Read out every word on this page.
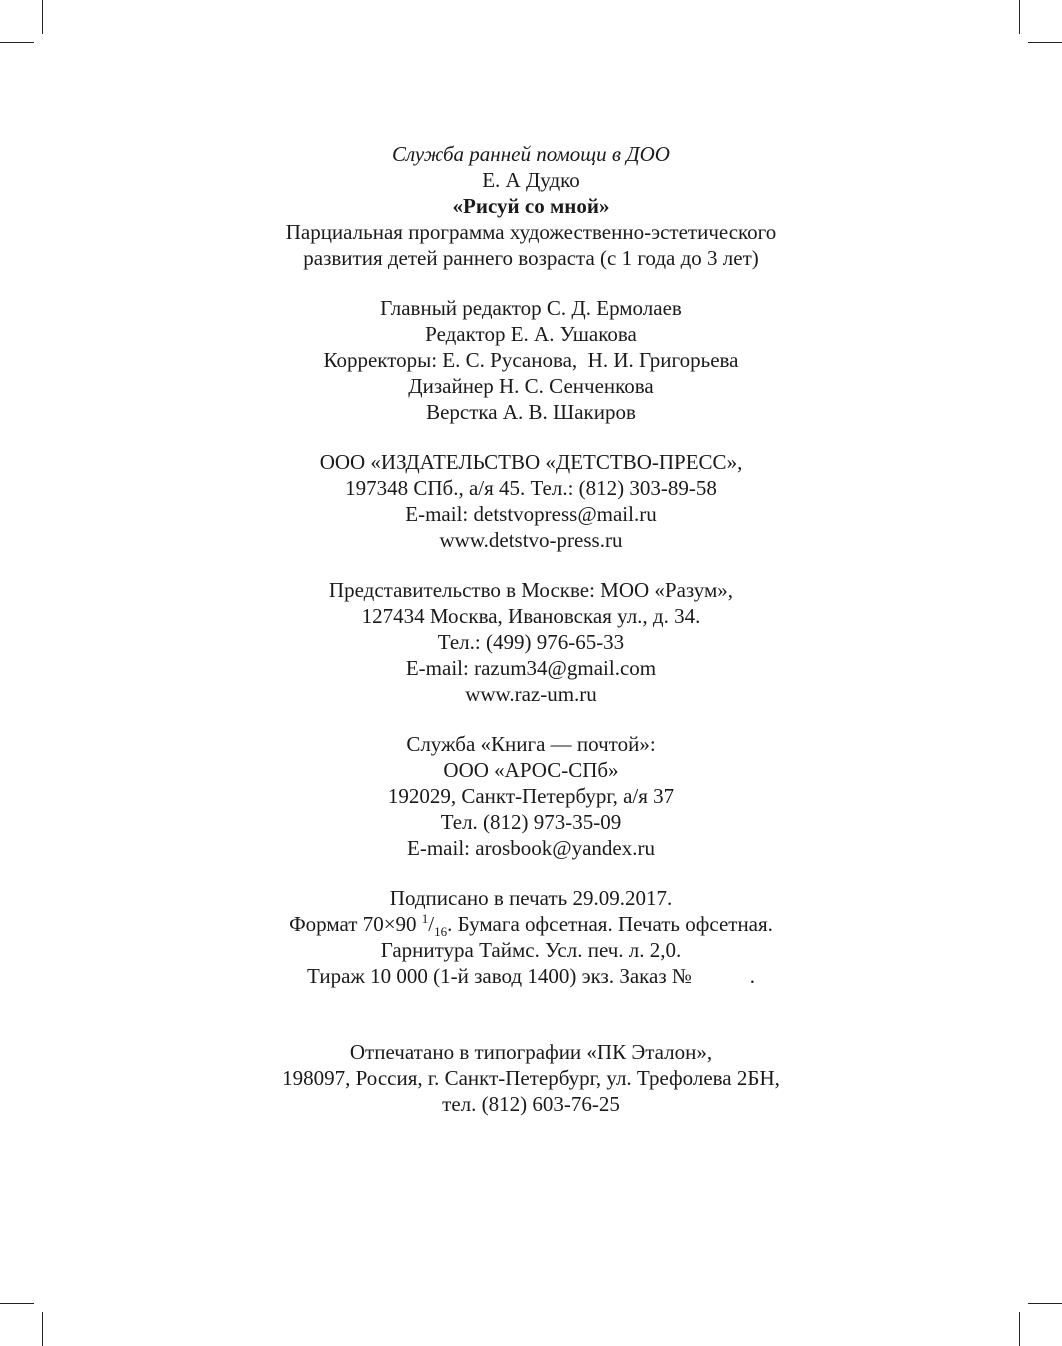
Служба ранней помощи в ДОО
Е. А Дудко
«Рисуй со мной»
Парциальная программа художественно-эстетического
развития детей раннего возраста (с 1 года до 3 лет)
Главный редактор С. Д. Ермолаев
Редактор Е. А. Ушакова
Корректоры: Е. С. Русанова,  Н. И. Григорьева
Дизайнер Н. С. Сенченкова
Верстка А. В. Шакиров
ООО «ИЗДАТЕЛЬСТВО «ДЕТСТВО-ПРЕСС»,
197348 СПб., а/я 45. Тел.: (812) 303-89-58
E-mail: detstvopress@mail.ru
www.detstvo-press.ru
Представительство в Москве: МОО «Разум»,
127434 Москва, Ивановская ул., д. 34.
Тел.: (499) 976-65-33
E-mail: razum34@gmail.com
www.raz-um.ru
Служба «Книга — почтой»:
ООО «АРОС-СПб»
192029, Санкт-Петербург, а/я 37
Тел. (812) 973-35-09
E-mail: arosbook@yandex.ru
Подписано в печать 29.09.2017.
Формат 70×90 $^1/_{16}$. Бумага офсетная. Печать офсетная.
Гарнитура Таймс. Усл. печ. л. 2,0.
Тираж 10 000 (1-й завод 1400) экз. Заказ №           .
Отпечатано в типографии «ПК Эталон»,
198097, Россия, г. Санкт-Петербург, ул. Трефолева 2БН,
тел. (812) 603-76-25
